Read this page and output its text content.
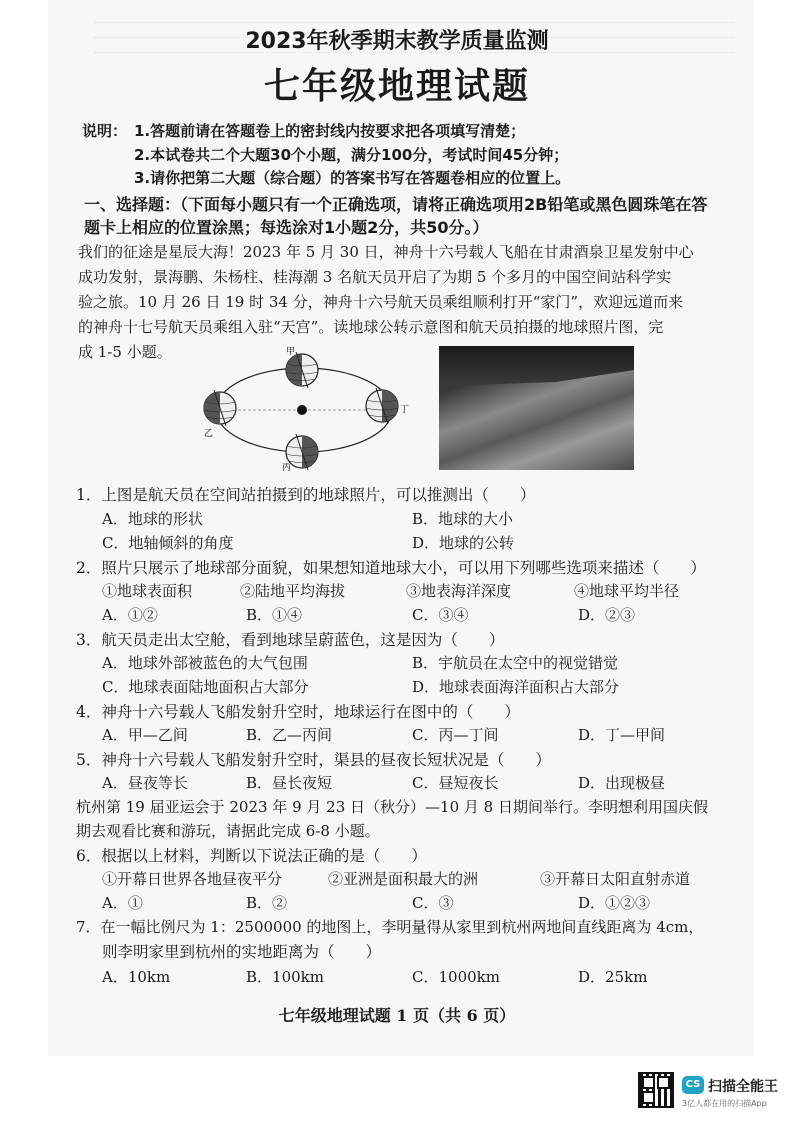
2023年秋季期末教学质量监测
七年级地理试题
说明： 1.答题前请在答题卷上的密封线内按要求把各项填写清楚；
2.本试卷共二个大题30个小题，满分100分，考试时间45分钟；
3.请你把第二大题（综合题）的答案书写在答题卷相应的位置上。
一、选择题：（下面每小题只有一个正确选项，请将正确选项用2B铅笔或黑色圆珠笔在答
题卡上相应的位置涂黑；每选涂对1小题2分，共50分。）
我们的征途是星辰大海！2023 年 5 月 30 日，神舟十六号载人飞船在甘肃酒泉卫星发射中心
成功发射，景海鹏、朱杨柱、桂海潮 3 名航天员开启了为期 5 个多月的中国空间站科学实
验之旅。10 月 26 日 19 时 34 分，神舟十六号航天员乘组顺利打开“家门”，欢迎远道而来
的神舟十七号航天员乘组入驻“天宫”。读地球公转示意图和航天员拍摄的地球照片图，完
成 1-5 小题。	甲
乙
丙
丁
1．上图是航天员在空间站拍摄到的地球照片，可以推测出（　　）
A．地球的形状	B．地球的大小
C．地轴倾斜的角度	D．地球的公转
2．照片只展示了地球部分面貌，如果想知道地球大小，可以用下列哪些选项来描述（　　）
①地球表面积	②陆地平均海拔	③地表海洋深度	④地球平均半径
A．①②	B．①④	C．③④	D．②③
3．航天员走出太空舱，看到地球呈蔚蓝色，这是因为（　　）
A．地球外部被蓝色的大气包围	B．宇航员在太空中的视觉错觉
C．地球表面陆地面积占大部分	D．地球表面海洋面积占大部分
4．神舟十六号载人飞船发射升空时，地球运行在图中的（　　）
A．甲—乙间	B．乙—丙间	C．丙—丁间	D．丁—甲间
5．神舟十六号载人飞船发射升空时，渠县的昼夜长短状况是（　　）
A．昼夜等长	B．昼长夜短	C．昼短夜长	D．出现极昼
杭州第 19 届亚运会于 2023 年 9 月 23 日（秋分）—10 月 8 日期间举行。李明想利用国庆假
期去观看比赛和游玩，请据此完成 6-8 小题。
6．根据以上材料，判断以下说法正确的是（　　）
①开幕日世界各地昼夜平分	②亚洲是面积最大的洲	③开幕日太阳直射赤道
A．①	B．②	C．③	D．①②③
7．在一幅比例尺为 1：2500000 的地图上，李明量得从家里到杭州两地间直线距离为 4cm，
则李明家里到杭州的实地距离为（　　）
A．10km	B．100km	C．1000km	D．25km
七年级地理试题 1 页（共 6 页）
CS 扫描全能王
3亿人都在用的扫描App
